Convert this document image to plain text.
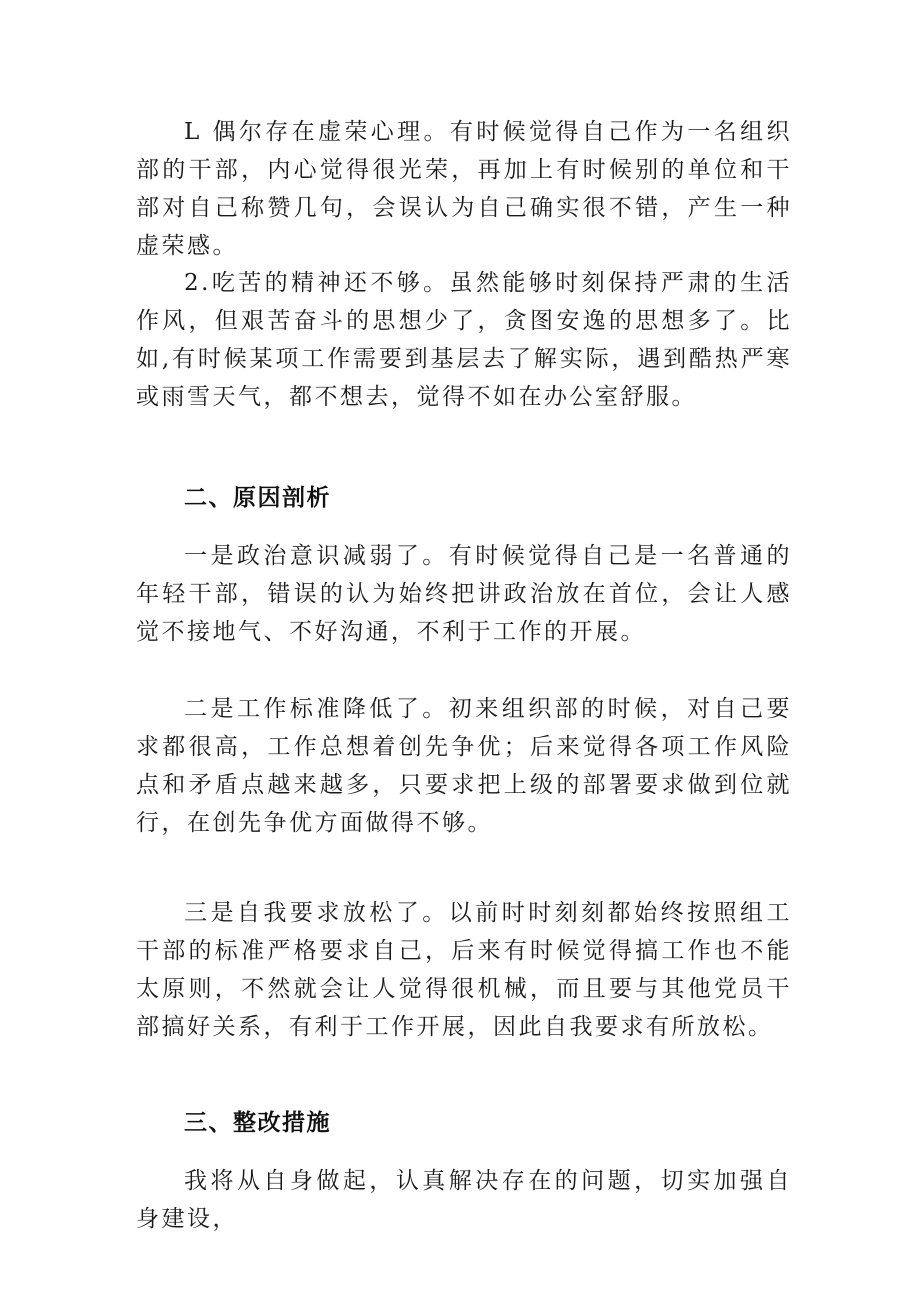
L 偶尔存在虚荣心理。有时候觉得自己作为一名组织部的干部，内心觉得很光荣，再加上有时候别的单位和干部对自己称赞几句，会误认为自己确实很不错，产生一种虚荣感。

2.吃苦的精神还不够。虽然能够时刻保持严肃的生活作风，但艰苦奋斗的思想少了，贪图安逸的思想多了。比如,有时候某项工作需要到基层去了解实际，遇到酷热严寒或雨雪天气，都不想去，觉得不如在办公室舒服。

二、原因剖析

一是政治意识减弱了。有时候觉得自己是一名普通的年轻干部，错误的认为始终把讲政治放在首位，会让人感觉不接地气、不好沟通，不利于工作的开展。

二是工作标准降低了。初来组织部的时候，对自己要求都很高，工作总想着创先争优；后来觉得各项工作风险点和矛盾点越来越多，只要求把上级的部署要求做到位就行，在创先争优方面做得不够。

三是自我要求放松了。以前时时刻刻都始终按照组工干部的标准严格要求自己，后来有时候觉得搞工作也不能太原则，不然就会让人觉得很机械，而且要与其他党员干部搞好关系，有利于工作开展，因此自我要求有所放松。

三、整改措施

我将从自身做起，认真解决存在的问题，切实加强自身建设，
